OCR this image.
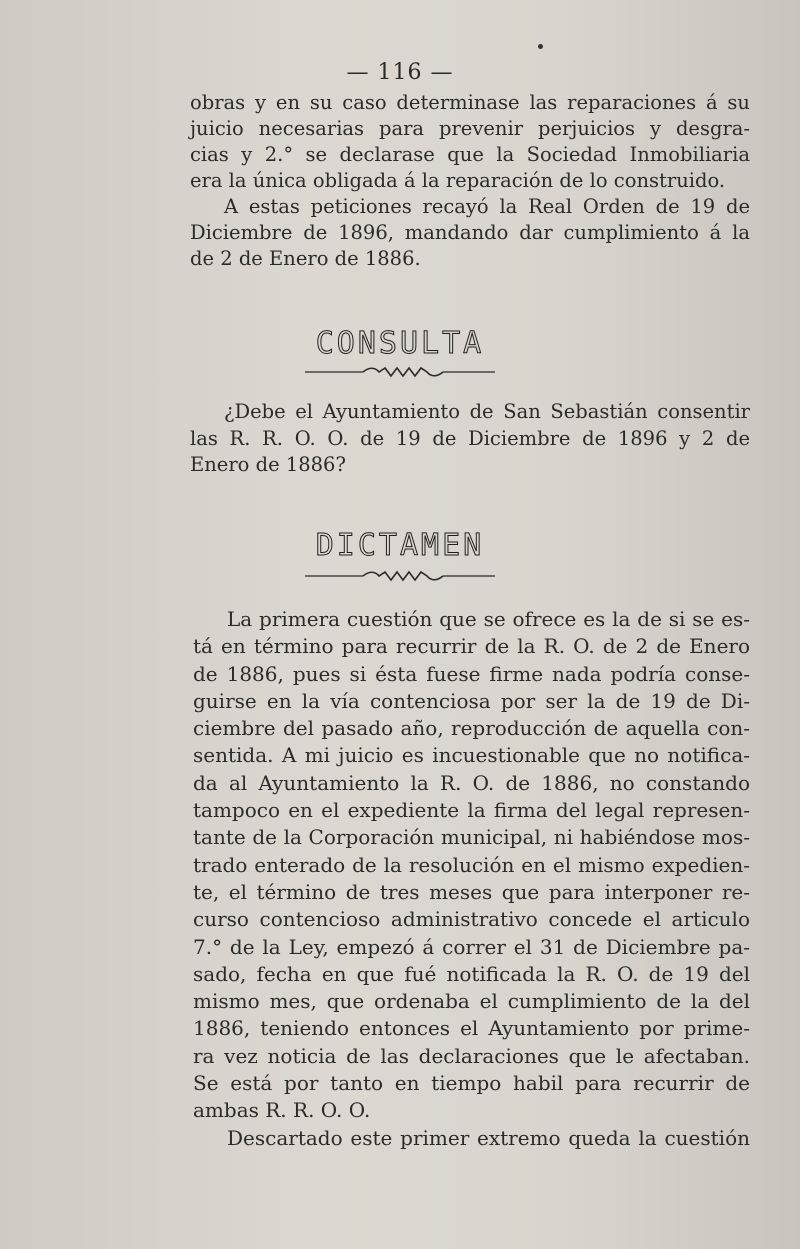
— 116 —
obras y en su caso determinase las reparaciones á su
juicio necesarias para prevenir perjuicios y desgra-
cias y 2.° se declarase que la Sociedad Inmobiliaria
era la única obligada á la reparación de lo construido.
A estas peticiones recayó la Real Orden de 19 de
Diciembre de 1896, mandando dar cumplimiento á la
de 2 de Enero de 1886.
CONSULTA
¿Debe el Ayuntamiento de San Sebastián consentir
las R. R. O. O. de 19 de Diciembre de 1896 y 2 de
Enero de 1886?
DICTAMEN
La primera cuestión que se ofrece es la de si se es-
tá en término para recurrir de la R. O. de 2 de Enero
de 1886, pues si ésta fuese firme nada podría conse-
guirse en la vía contenciosa por ser la de 19 de Di-
ciembre del pasado año, reproducción de aquella con-
sentida. A mi juicio es incuestionable que no notifica-
da al Ayuntamiento la R. O. de 1886, no constando
tampoco en el expediente la firma del legal represen-
tante de la Corporación municipal, ni habiéndose mos-
trado enterado de la resolución en el mismo expedien-
te, el término de tres meses que para interponer re-
curso contencioso administrativo concede el articulo
7.° de la Ley, empezó á correr el 31 de Diciembre pa-
sado, fecha en que fué notificada la R. O. de 19 del
mismo mes, que ordenaba el cumplimiento de la del
1886, teniendo entonces el Ayuntamiento por prime-
ra vez noticia de las declaraciones que le afectaban.
Se está por tanto en tiempo habil para recurrir de
ambas R. R. O. O.
Descartado este primer extremo queda la cuestión
